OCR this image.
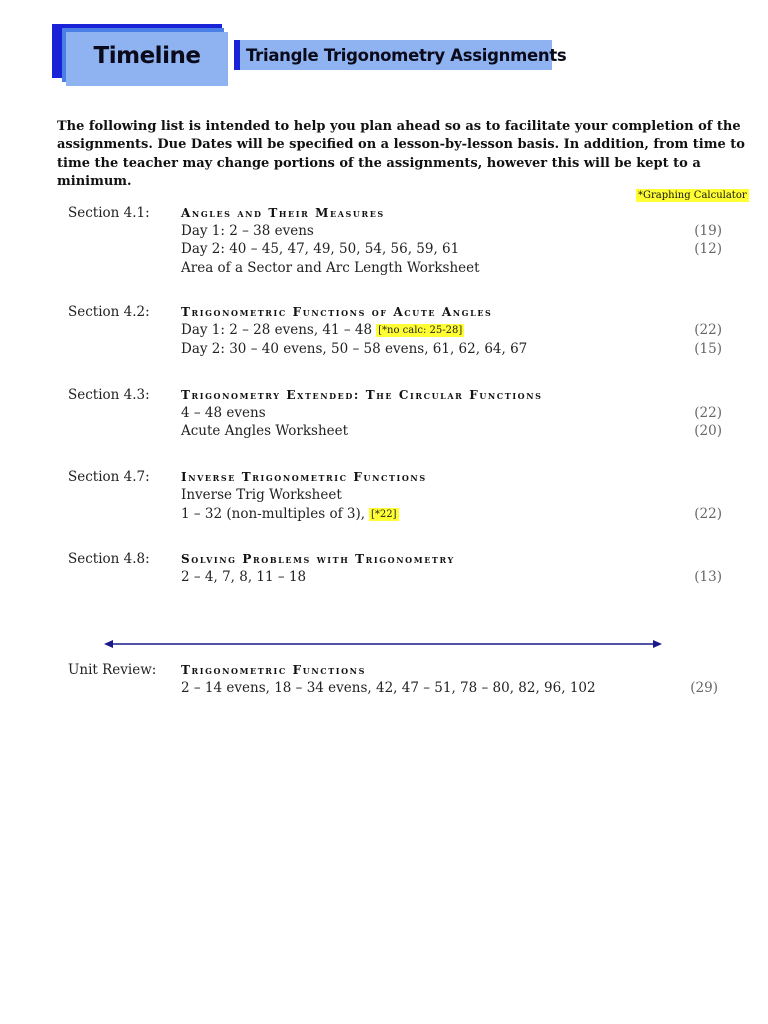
Timeline	Triangle Trigonometry Assignments
The following list is intended to help you plan ahead so as to facilitate your completion of the assignments. Due Dates will be specified on a lesson-by-lesson basis. In addition, from time to time the teacher may change portions of the assignments, however this will be kept to a minimum.
*Graphing Calculator
Section 4.1:	Angles and Their Measures
Day 1: 2 – 38 evens	(19)
Day 2: 40 – 45, 47, 49, 50, 54, 56, 59, 61	(12)
Area of a Sector and Arc Length Worksheet
Section 4.2:	Trigonometric Functions of Acute Angles
Day 1: 2 – 28 evens, 41 – 48 [*no calc: 25-28]	(22)
Day 2: 30 – 40 evens, 50 – 58 evens, 61, 62, 64, 67	(15)
Section 4.3:	Trigonometry Extended: The Circular Functions
4 – 48 evens	(22)
Acute Angles Worksheet	(20)
Section 4.7:	Inverse Trigonometric Functions
Inverse Trig Worksheet
1 – 32 (non-multiples of 3), [*22]	(22)
Section 4.8:	Solving Problems with Trigonometry
2 – 4, 7, 8, 11 – 18	(13)
Unit Review: Trigonometric Functions
2 – 14 evens, 18 – 34 evens, 42, 47 – 51, 78 – 80, 82, 96, 102	(29)
